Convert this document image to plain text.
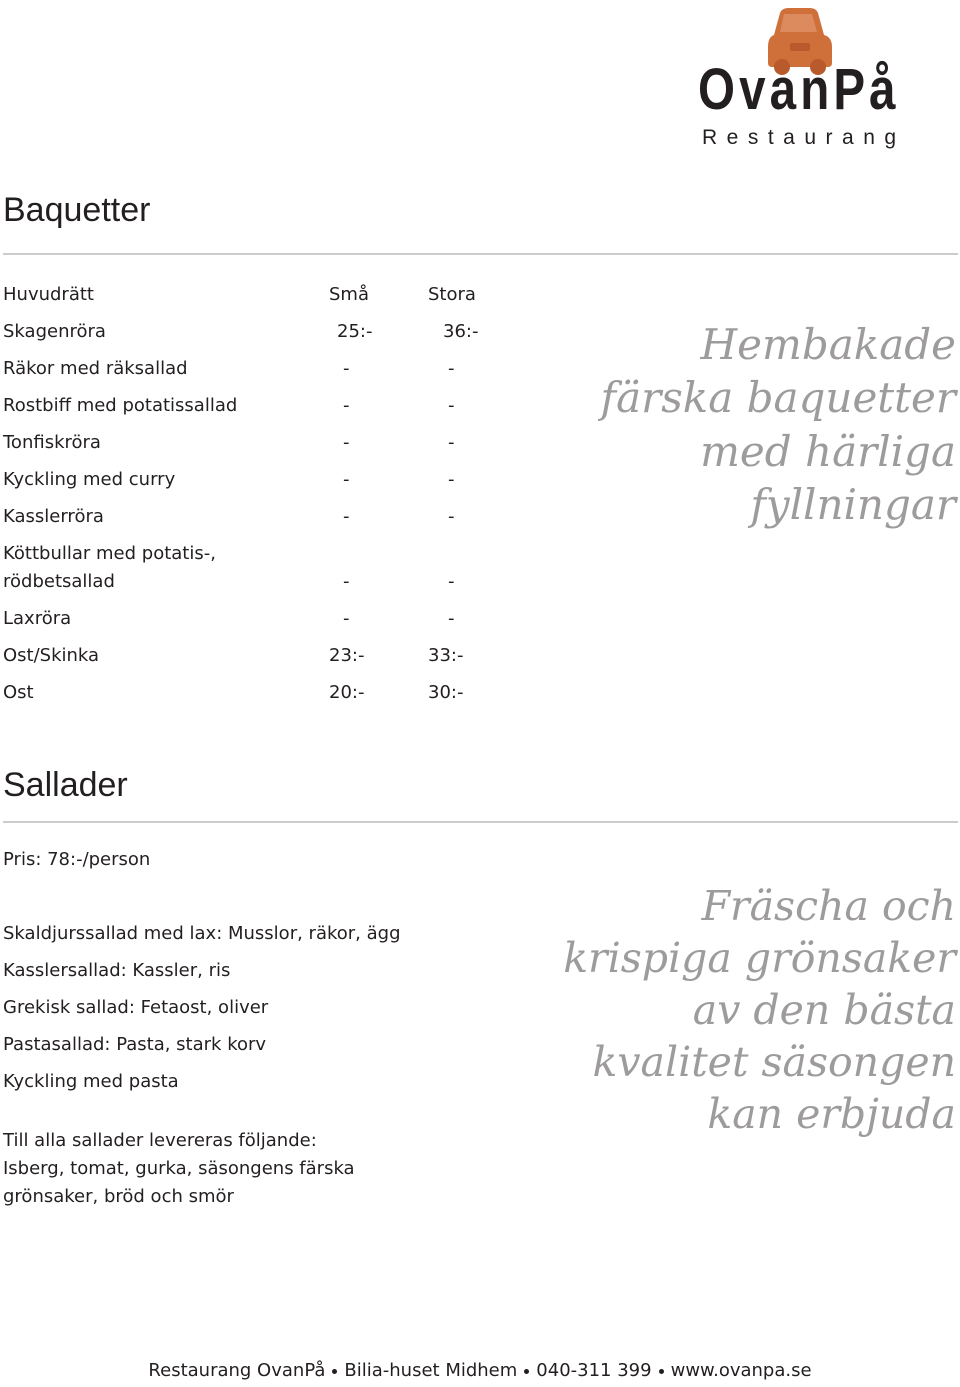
OvanPå
Restaurang
Baquetter
Huvudrätt	Små	Stora
Skagenröra	25:-	36:-
Räkor med räksallad	-	-
Rostbiff med potatissallad	-	-
Tonfiskröra	-	-
Kyckling med curry	-	-
Kasslerröra	-	-
Köttbullar med potatis-,
rödbetsallad	-	-
Laxröra	-	-
Ost/Skinka	23:-	33:-
Ost	20:-	30:-
Hembakade
färska baquetter
med härliga
fyllningar
Sallader
Pris: 78:-/person
Skaldjurssallad med lax: Musslor, räkor, ägg
Kasslersallad: Kassler, ris
Grekisk sallad: Fetaost, oliver
Pastasallad: Pasta, stark korv
Kyckling med pasta
Till alla sallader levereras följande:
Isberg, tomat, gurka, säsongens färska
grönsaker, bröd och smör
Fräscha och
krispiga grönsaker
av den bästa
kvalitet säsongen
kan erbjuda
Restaurang OvanPå Bilia-huset Midhem 040-311 399 www.ovanpa.se
